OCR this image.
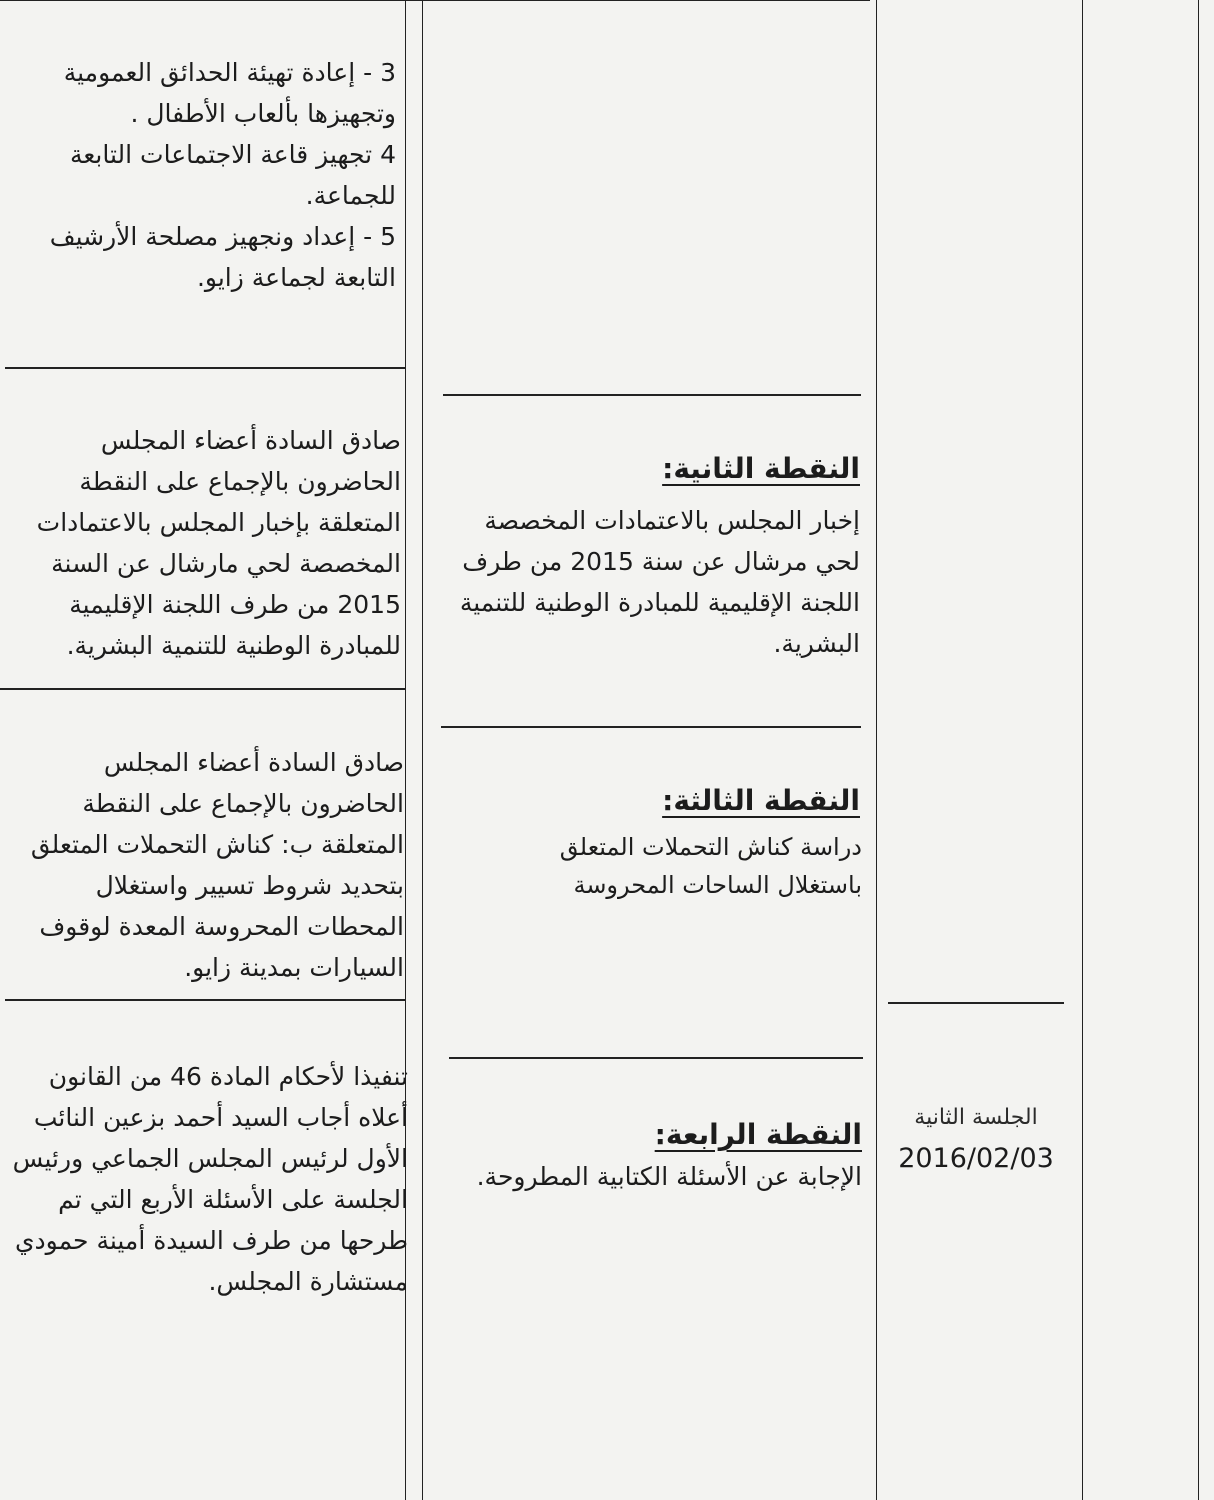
3 - إعادة تهيئة الحدائق العمومية
وتجهيزها بألعاب الأطفال .
4 تجهيز قاعة الاجتماعات التابعة
للجماعة.
5 - إعداد ونجهيز مصلحة الأرشيف
التابعة لجماعة زايو.
صادق السادة أعضاء المجلس
الحاضرون بالإجماع على النقطة
المتعلقة بإخبار المجلس بالاعتمادات
المخصصة لحي مارشال عن السنة
2015 من طرف اللجنة الإقليمية
للمبادرة الوطنية للتنمية البشرية.
صادق السادة أعضاء المجلس
الحاضرون بالإجماع على النقطة
المتعلقة ب: كناش التحملات المتعلق
بتحديد شروط تسيير واستغلال
المحطات المحروسة المعدة لوقوف
السيارات بمدينة زايو.
تنفيذا لأحكام المادة 46 من القانون
أعلاه أجاب السيد أحمد بزعين النائب
الأول لرئيس المجلس الجماعي ورئيس
الجلسة على الأسئلة الأربع التي تم
طرحها من طرف السيدة أمينة حمودي
مستشارة المجلس.
النقطة الثانية:
إخبار المجلس بالاعتمادات المخصصة
لحي مرشال عن سنة 2015 من طرف
اللجنة الإقليمية للمبادرة الوطنية للتنمية
البشرية.
النقطة الثالثة:
دراسة كناش التحملات المتعلق
باستغلال الساحات المحروسة
النقطة الرابعة:
الإجابة عن الأسئلة الكتابية المطروحة.
الجلسة الثانية
2016/02/03
